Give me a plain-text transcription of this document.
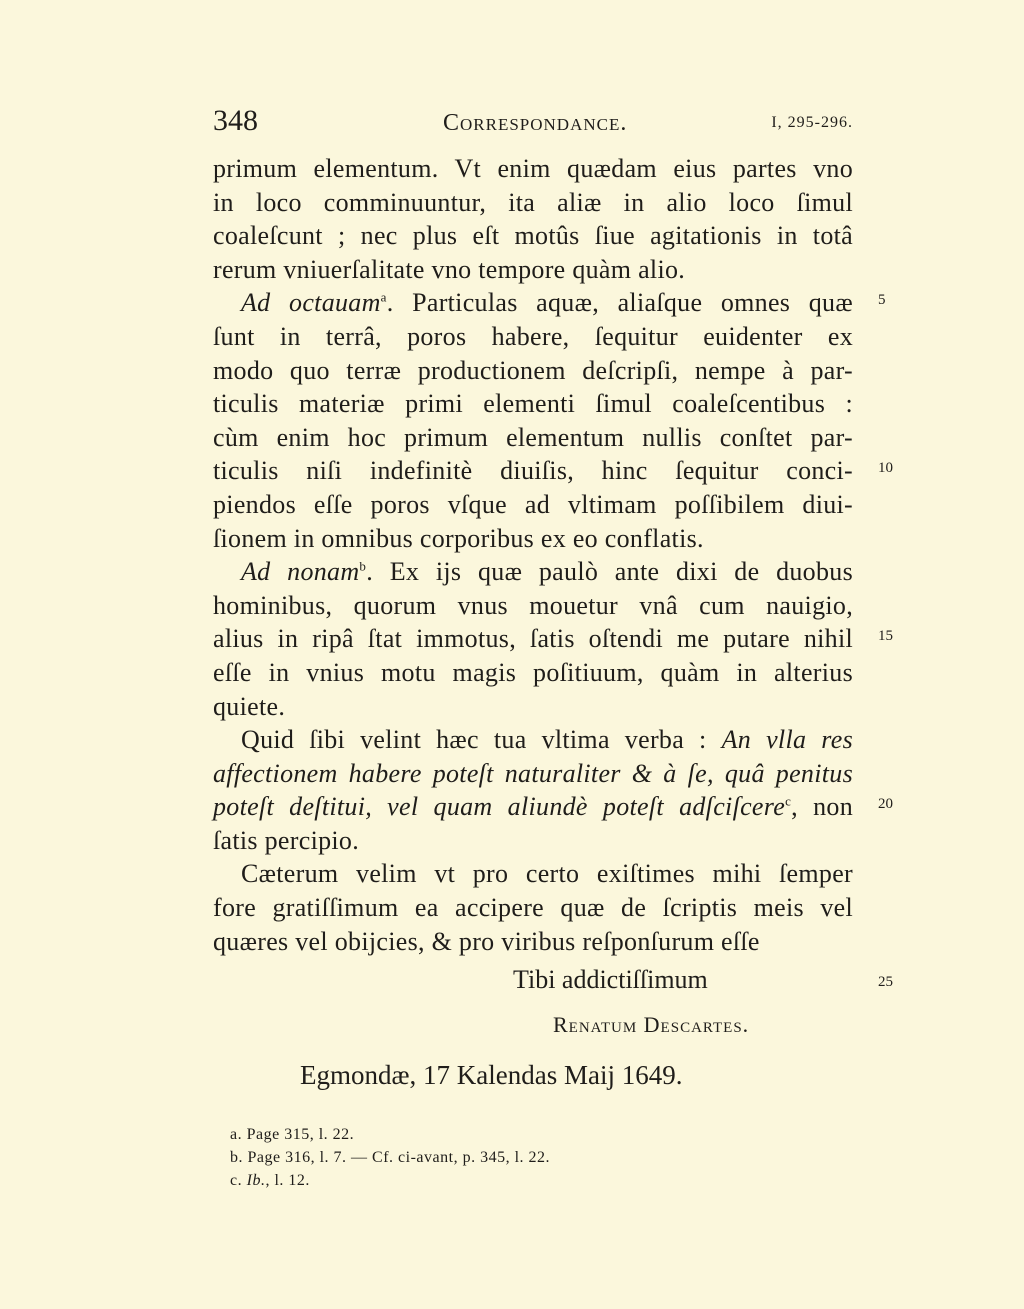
348	Correspondance.	I, 295-296.
primum elementum. Vt enim quædam eius partes vno
in loco comminuuntur, ita aliæ in alio loco ſimul
coaleſcunt ; nec plus eſt motûs ſiue agitationis in totâ
rerum vniuerſalitate vno tempore quàm alio.
Ad octauam$^a$. Particulas aquæ, aliaſque omnes quæ
ſunt in terrâ, poros habere, ſequitur euidenter ex
modo quo terræ productionem deſcripſi, nempe à par-
ticulis materiæ primi elementi ſimul coaleſcentibus :
cùm enim hoc primum elementum nullis conſtet par-
ticulis niſi indefinitè diuiſis, hinc ſequitur conci-
piendos eſſe poros vſque ad vltimam poſſibilem diui-
ſionem in omnibus corporibus ex eo conflatis.
Ad nonam$^b$. Ex ijs quæ paulò ante dixi de duobus
hominibus, quorum vnus mouetur vnâ cum nauigio,
alius in ripâ ſtat immotus, ſatis oſtendi me putare nihil
eſſe in vnius motu magis poſitiuum, quàm in alterius
quiete.
Quid ſibi velint hæc tua vltima verba : An vlla res
affectionem habere poteſt naturaliter & à ſe, quâ penitus
poteſt deſtitui, vel quam aliundè poteſt adſciſcere$^c$, non
ſatis percipio.
Cæterum velim vt pro certo exiſtimes mihi ſemper
fore gratiſſimum ea accipere quæ de ſcriptis meis vel
quæres vel obijcies, & pro viribus reſponſurum eſſe
5
10
15
20
25
Tibi addictiſſimum
Renatum Descartes.
Egmondæ, 17 Kalendas Maij 1649.
a. Page 315, l. 22.
b. Page 316, l. 7. — Cf. ci-avant, p. 345, l. 22.
c. Ib., l. 12.
